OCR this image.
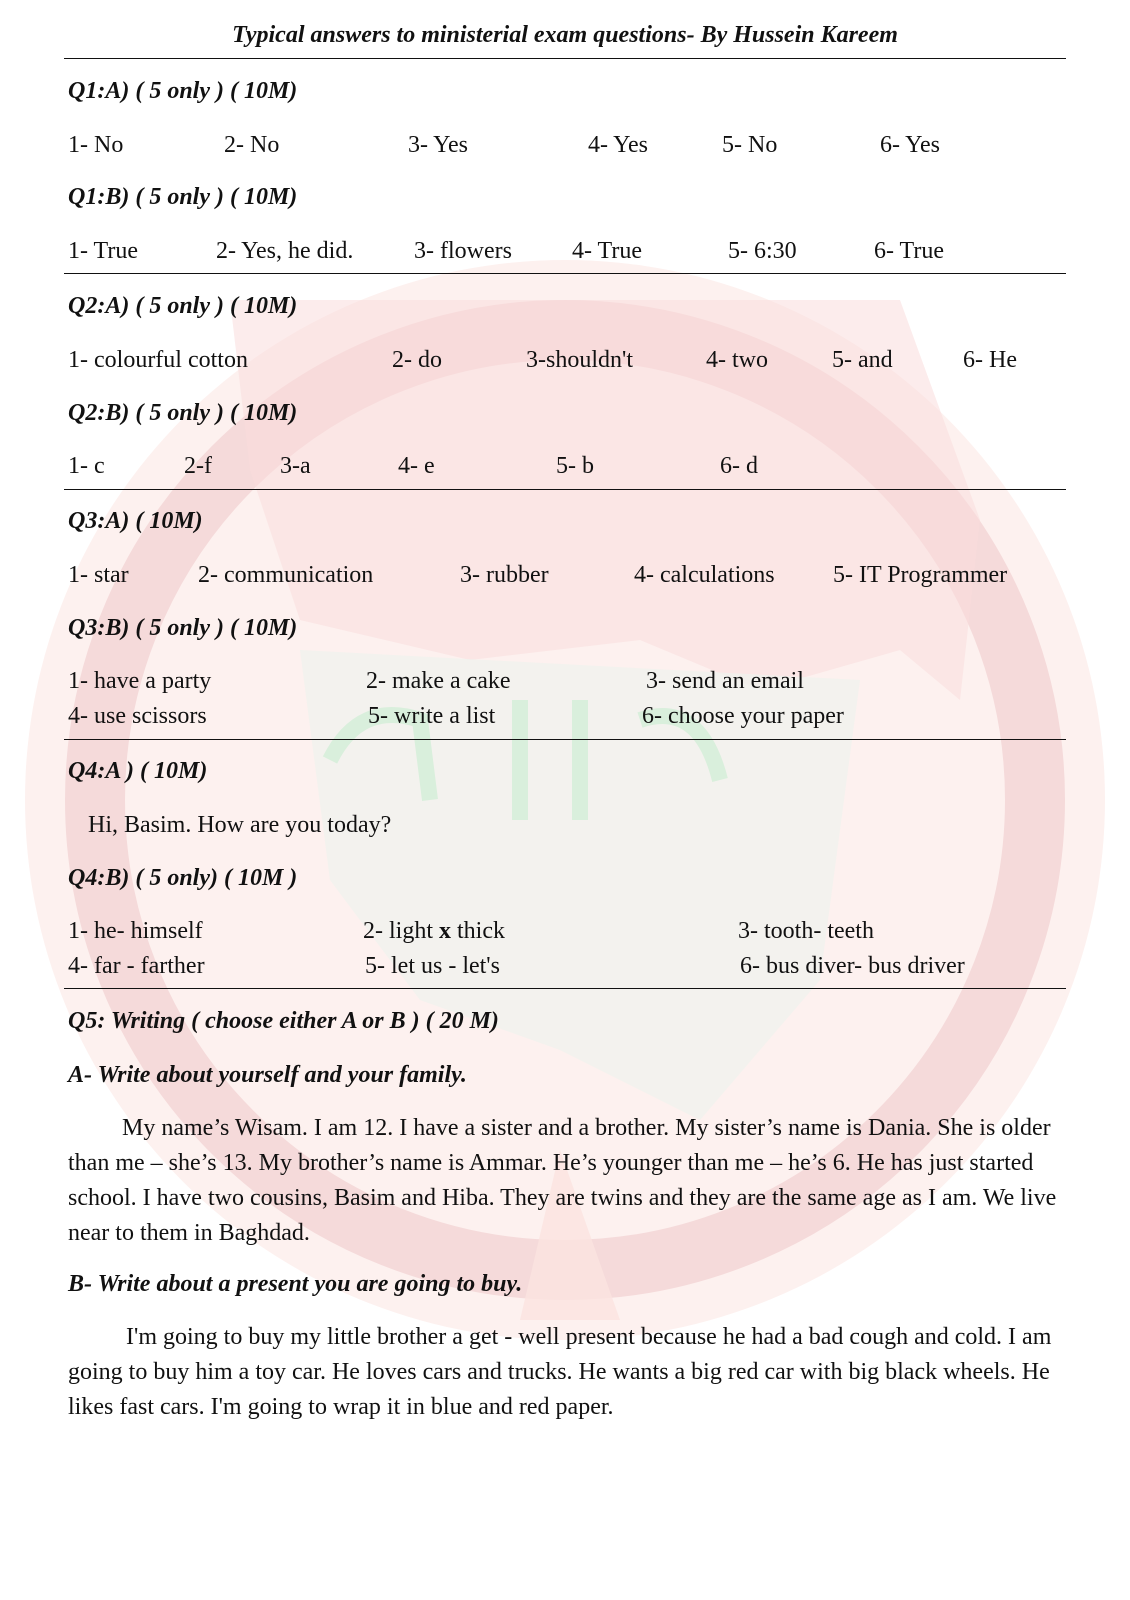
Typical answers to ministerial exam questions- By Hussein Kareem
Q1:A) ( 5 only ) ( 10M)
1- No	2- No	3- Yes	4- Yes	5- No	6- Yes
Q1:B) ( 5 only ) ( 10M)
1- True	2- Yes, he did.	3- flowers	4- True	5- 6:30	6- True
Q2:A) ( 5 only ) ( 10M)
1- colourful cotton	2- do	3-shouldn't	4- two	5- and	6- He
Q2:B) ( 5 only ) ( 10M)
1- c	2-f	3-a	4- e	5- b	6- d
Q3:A) ( 10M)
1- star	2- communication	3- rubber	4- calculations 5- IT Programmer
Q3:B) ( 5 only ) ( 10M)
1- have a party	2- make a cake	3- send an email
4- use scissors	5- write a list	6- choose your paper
Q4:A ) ( 10M)
Hi, Basim. How are you today?
Q4:B) ( 5 only) ( 10M )
1- he- himself	2- light x thick	3- tooth- teeth
4- far - farther	5- let us - let's	6- bus diver- bus driver
Q5: Writing ( choose either A or B ) ( 20 M)
A- Write about yourself and your family.
My name’s Wisam. I am 12. I have a sister and a brother. My sister’s name is Dania. She is older than me – she’s 13. My brother’s name is Ammar. He’s younger than me – he’s 6. He has just started school. I have two cousins, Basim and Hiba. They are twins and they are the same age as I am. We live near to them in Baghdad.
B- Write about a present you are going to buy.
I'm going to buy my little brother a get - well present because he had a bad cough and cold. I am going to buy him a toy car. He loves cars and trucks. He wants a big red car with big black wheels. He likes fast cars. I'm going to wrap it in blue and red paper.
